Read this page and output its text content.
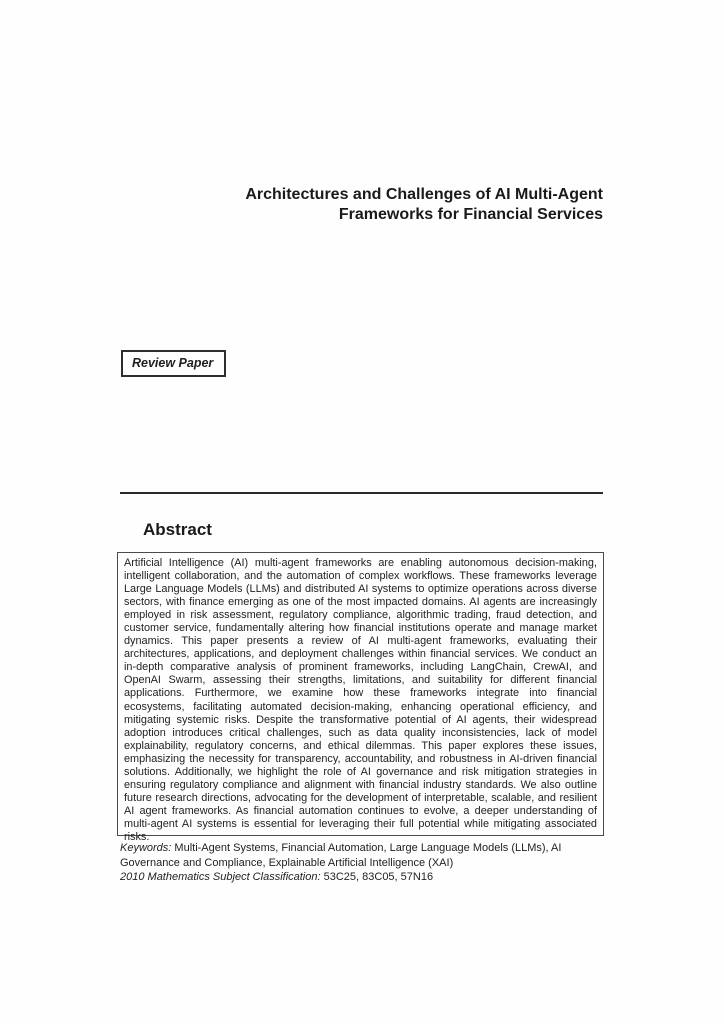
Architectures and Challenges of AI Multi-Agent
Frameworks for Financial Services
Review Paper
Abstract
Artificial Intelligence (AI) multi-agent frameworks are enabling autonomous decision-making, intelligent collaboration, and the automation of complex workflows. These frameworks leverage Large Language Models (LLMs) and distributed AI systems to optimize operations across diverse sectors, with finance emerging as one of the most impacted domains. AI agents are increasingly employed in risk assessment, regulatory compliance, algorithmic trading, fraud detection, and customer service, fundamentally altering how financial institutions operate and manage market dynamics. This paper presents a review of AI multi-agent frameworks, evaluating their architectures, applications, and deployment challenges within financial services. We conduct an in-depth comparative analysis of prominent frameworks, including LangChain, CrewAI, and OpenAI Swarm, assessing their strengths, limitations, and suitability for different financial applications. Furthermore, we examine how these frameworks integrate into financial ecosystems, facilitating automated decision-making, enhancing operational efficiency, and mitigating systemic risks. Despite the transformative potential of AI agents, their widespread adoption introduces critical challenges, such as data quality inconsistencies, lack of model explainability, regulatory concerns, and ethical dilemmas. This paper explores these issues, emphasizing the necessity for transparency, accountability, and robustness in AI-driven financial solutions. Additionally, we highlight the role of AI governance and risk mitigation strategies in ensuring regulatory compliance and alignment with financial industry standards. We also outline future research directions, advocating for the development of interpretable, scalable, and resilient AI agent frameworks. As financial automation continues to evolve, a deeper understanding of multi-agent AI systems is essential for leveraging their full potential while mitigating associated risks.
Keywords: Multi-Agent Systems, Financial Automation, Large Language Models (LLMs), AI Governance and Compliance, Explainable Artificial Intelligence (XAI)
2010 Mathematics Subject Classification: 53C25, 83C05, 57N16
